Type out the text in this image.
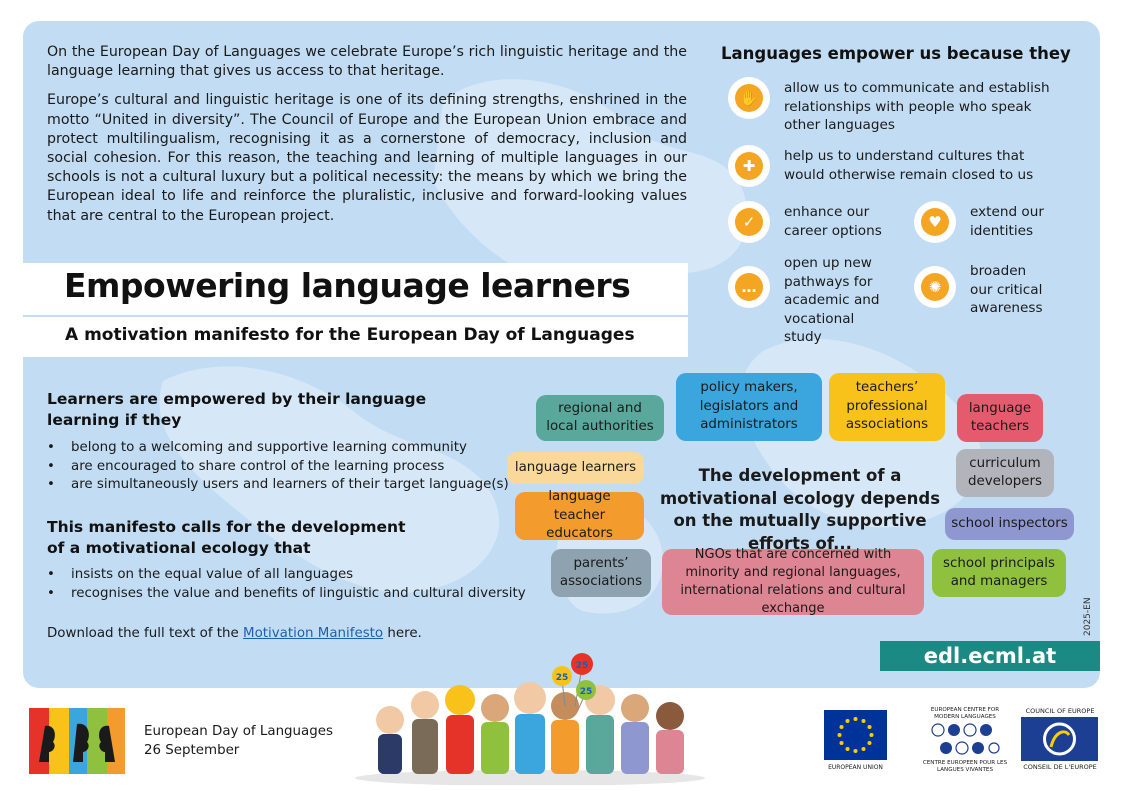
On the European Day of Languages we celebrate Europe’s rich linguistic heritage and the language learning that gives us access to that heritage.

Europe’s cultural and linguistic heritage is one of its defining strengths, enshrined in the motto “United in diversity”. The Council of Europe and the European Union embrace and protect multilingualism, recognising it as a cornerstone of democracy, inclusion and social cohesion. For this reason, the teaching and learning of multiple languages in our schools is not a cultural luxury but a political necessity: the means by which we bring the European ideal to life and reinforce the pluralistic, inclusive and forward-looking values that are central to the European project.

Languages empower us because they
✋
allow us to communicate and establish relationships with people who speak other languages
✚
help us to understand cultures that would otherwise remain closed to us
✓
enhance our career options	♥
extend our identities
…
open up new pathways for academic and vocational study
✺
broaden our critical awareness
Empowering language learners
A motivation manifesto for the European Day of Languages
Learners are empowered by their language learning if they
• belong to a welcoming and supportive learning community
• are encouraged to share control of the learning process
• are simultaneously users and learners of their target language(s)
This manifesto calls for the development of a motivational ecology that
• insists on the equal value of all languages
• recognises the value and benefits of linguistic and cultural diversity
Download the full text of the Motivation Manifesto here.
regional and local authorities
policy makers, legislators and administrators
teachers’ professional associations
language teachers
language learners	curriculum developers
language teacher educators
school inspectors
parents’ associations
NGOs that are concerned with minority and regional languages, international relations and cultural exchange
school principals and managers
The development of a motivational ecology depends on the mutually supportive efforts of...
edl.ecml.at
2025-EN
European Day of Languages
26 September
25
25
25
EUROPEAN UNION
EUROPEAN CENTRE FOR MODERN LANGUAGES
CENTRE EUROPEEN POUR LES LANGUES VIVANTES
COUNCIL OF EUROPE
CONSEIL DE L'EUROPE
